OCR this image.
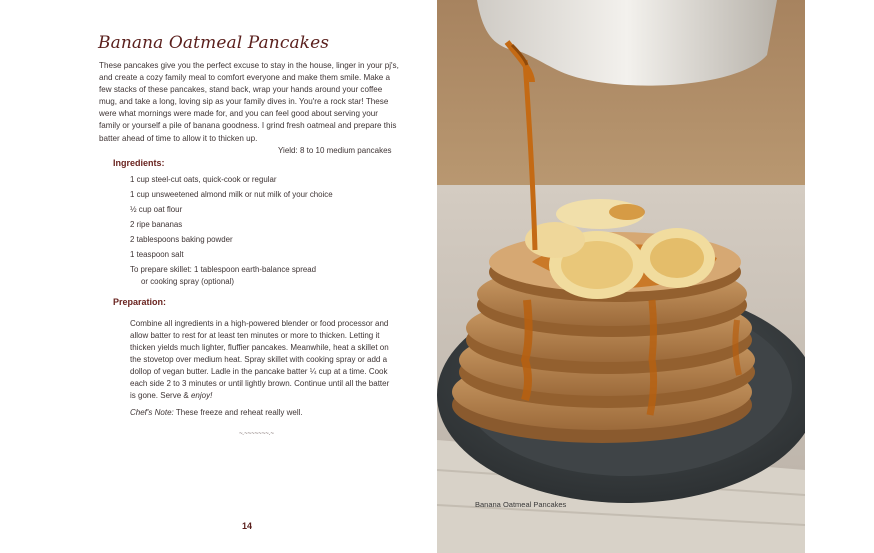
Banana Oatmeal Pancakes

These pancakes give you the perfect excuse to stay in the house, linger in your pj's, and create a cozy family meal to comfort everyone and make them smile. Make a few stacks of these pancakes, stand back, wrap your hands around your coffee mug, and take a long, loving sip as your family dives in. You're a rock star! These were what mornings were made for, and you can feel good about serving your family or yourself a pile of banana goodness. I grind fresh oatmeal and prepare this batter ahead of time to allow it to thicken up.

Yield: 8 to 10 medium pancakes
Ingredients:
1 cup steel-cut oats, quick-cook or regular
1 cup unsweetened almond milk or nut milk of your choice
½ cup oat flour
2 ripe bananas
2 tablespoons baking powder
1 teaspoon salt
To prepare skillet: 1 tablespoon earth-balance spread
or cooking spray (optional)
Preparation:

Combine all ingredients in a high-powered blender or food processor and allow batter to rest for at least ten minutes or more to thicken. Letting it thicken yields much lighter, fluffier pancakes. Meanwhile, heat a skillet on the stovetop over medium heat. Spray skillet with cooking spray or add a dollop of vegan butter. Ladle in the pancake batter ¼ cup at a time. Cook each side 2 to 3 minutes or until lightly brown. Continue until all the batter is gone. Serve & enjoy!

Chef's Note: These freeze and reheat really well.

~.~~~~~~~.~
14
Banana Oatmeal Pancakes
